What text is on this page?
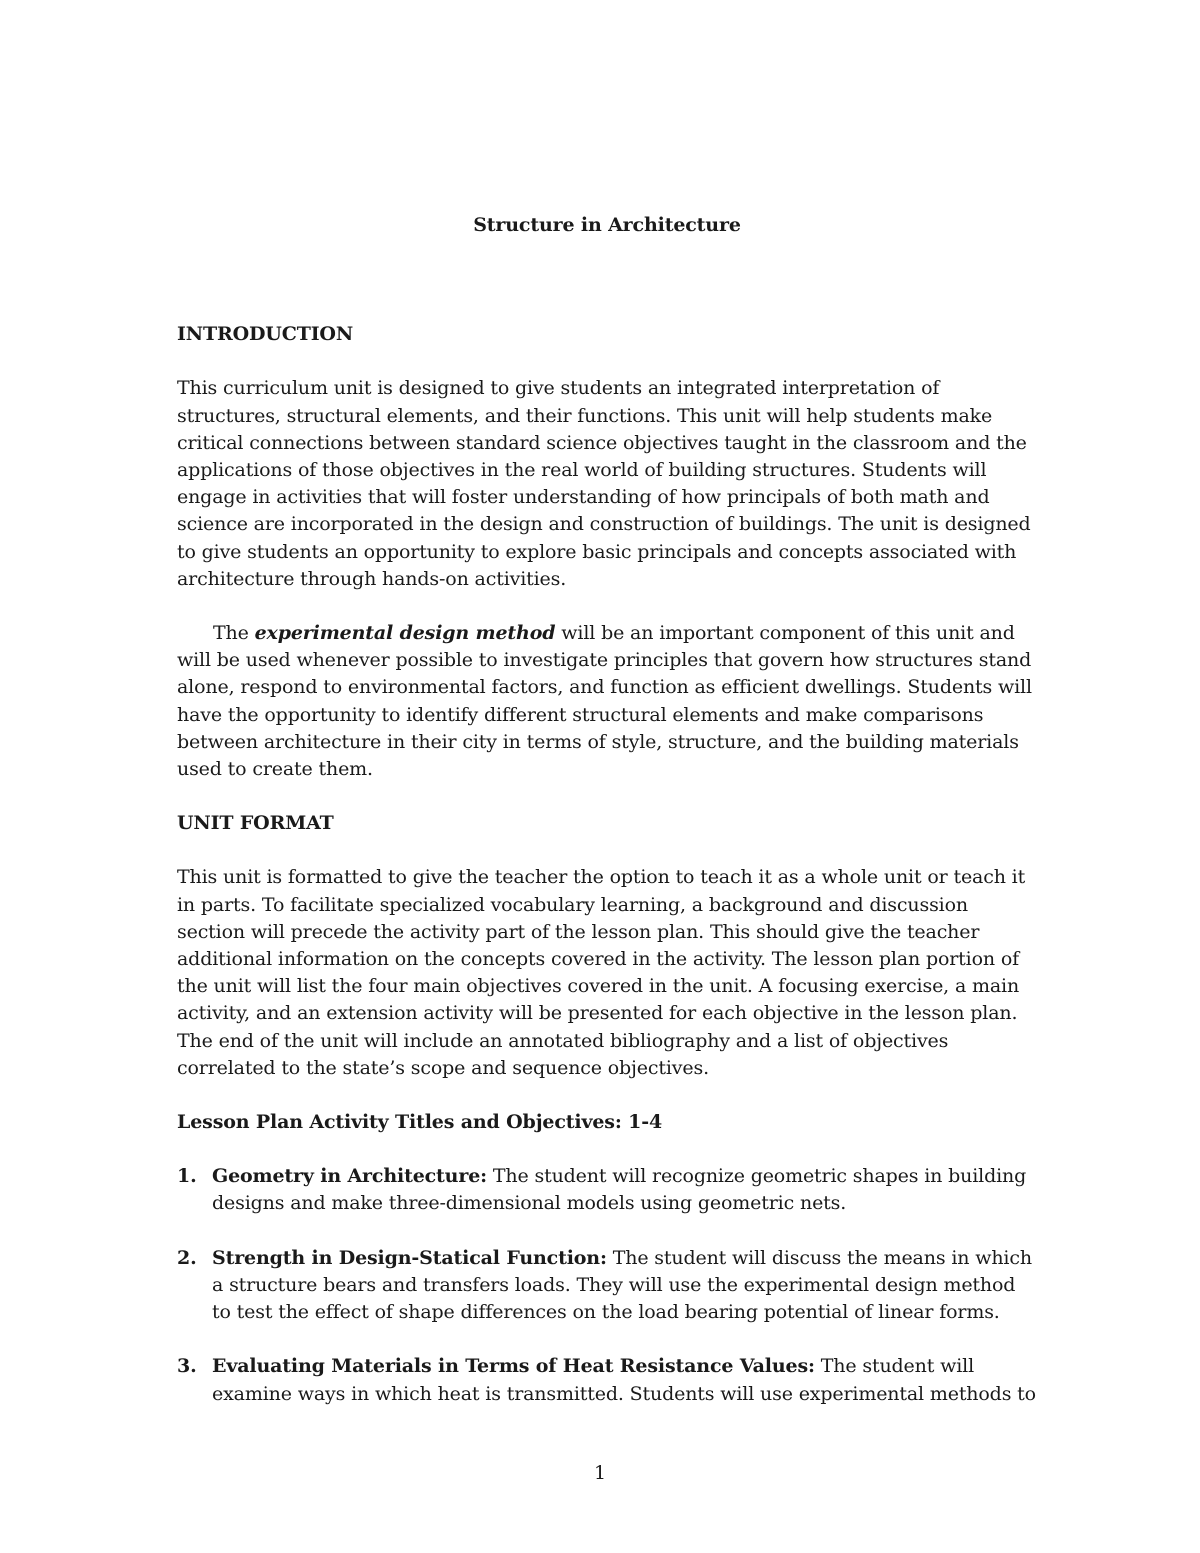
Structure in Architecture

INTRODUCTION

This curriculum unit is designed to give students an integrated interpretation of structures, structural elements, and their functions. This unit will help students make critical connections between standard science objectives taught in the classroom and the applications of those objectives in the real world of building structures. Students will engage in activities that will foster understanding of how principals of both math and science are incorporated in the design and construction of buildings. The unit is designed to give students an opportunity to explore basic principals and concepts associated with architecture through hands-on activities.

The experimental design method will be an important component of this unit and will be used whenever possible to investigate principles that govern how structures stand alone, respond to environmental factors, and function as efficient dwellings. Students will have the opportunity to identify different structural elements and make comparisons between architecture in their city in terms of style, structure, and the building materials used to create them.

UNIT FORMAT

This unit is formatted to give the teacher the option to teach it as a whole unit or teach it in parts. To facilitate specialized vocabulary learning, a background and discussion section will precede the activity part of the lesson plan. This should give the teacher additional information on the concepts covered in the activity. The lesson plan portion of the unit will list the four main objectives covered in the unit. A focusing exercise, a main activity, and an extension activity will be presented for each objective in the lesson plan. The end of the unit will include an annotated bibliography and a list of objectives correlated to the state’s scope and sequence objectives.

Lesson Plan Activity Titles and Objectives: 1-4

1. Geometry in Architecture: The student will recognize geometric shapes in building designs and make three-dimensional models using geometric nets.
2. Strength in Design-Statical Function: The student will discuss the means in which a structure bears and transfers loads. They will use the experimental design method to test the effect of shape differences on the load bearing potential of linear forms.
3. Evaluating Materials in Terms of Heat Resistance Values: The student will examine ways in which heat is transmitted. Students will use experimental methods to
1
